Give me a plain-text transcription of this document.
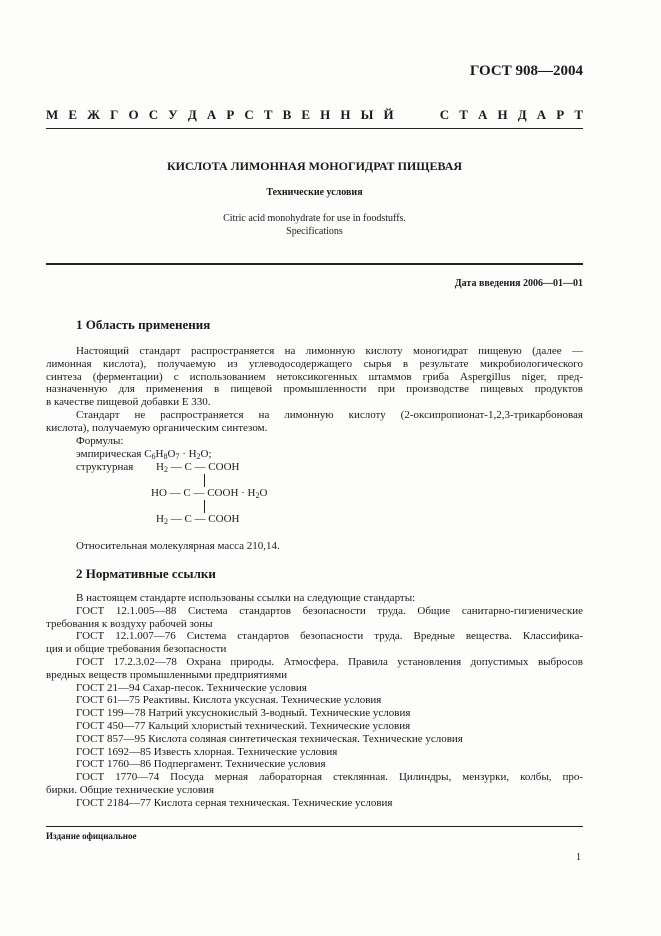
ГОСТ 908—2004
М Е Ж Г О С У Д А Р С Т В Е Н Н Ы Й	С Т А Н Д А Р Т
КИСЛОТА ЛИМОННАЯ МОНОГИДРАТ ПИЩЕВАЯ
Технические условия
Citric acid monohydrate for use in foodstuffs.
Specifications
Дата введения 2006—01—01
1 Область применения
Настоящий стандарт распространяется на лимонную кислоту моногидрат пищевую (далее —
лимонная кислота), получаемую из углеводосодержащего сырья в результате микробиологического
синтеза (ферментации) с использованием нетоксикогенных штаммов гриба Aspergillus niger, пред-
назначенную для применения в пищевой промышленности при производстве пищевых продуктов
в качестве пищевой добавки Е 330.
Стандарт не распространяется на лимонную кислоту (2-оксипропионат-1,2,3-трикарбоновая
кислота), получаемую органическим синтезом.
Формулы:
эмпирическая $C_6H_8O_7 \cdot H_2O$;
структурная $H_2$ — C — COOH
HO — C — COOH · $H_2O$
$H_2$ — C — COOH
Относительная молекулярная масса 210,14.
2 Нормативные ссылки
В настоящем стандарте использованы ссылки на следующие стандарты:
ГОСТ 12.1.005—88 Система стандартов безопасности труда. Общие санитарно-гигиенические
требования к воздуху рабочей зоны
ГОСТ 12.1.007—76 Система стандартов безопасности труда. Вредные вещества. Классифика-
ция и общие требования безопасности
ГОСТ 17.2.3.02—78 Охрана природы. Атмосфера. Правила установления допустимых выбросов
вредных веществ промышленными предприятиями
ГОСТ 21—94 Сахар-песок. Технические условия
ГОСТ 61—75 Реактивы. Кислота уксусная. Технические условия
ГОСТ 199—78 Натрий уксуснокислый 3-водный. Технические условия
ГОСТ 450—77 Кальций хлористый технический. Технические условия
ГОСТ 857—95 Кислота соляная синтетическая техническая. Технические условия
ГОСТ 1692—85 Известь хлорная. Технические условия
ГОСТ 1760—86 Подпергамент. Технические условия
ГОСТ 1770—74 Посуда мерная лабораторная стеклянная. Цилиндры, мензурки, колбы, про-
бирки. Общие технические условия
ГОСТ 2184—77 Кислота серная техническая. Технические условия
Издание официальное
1
